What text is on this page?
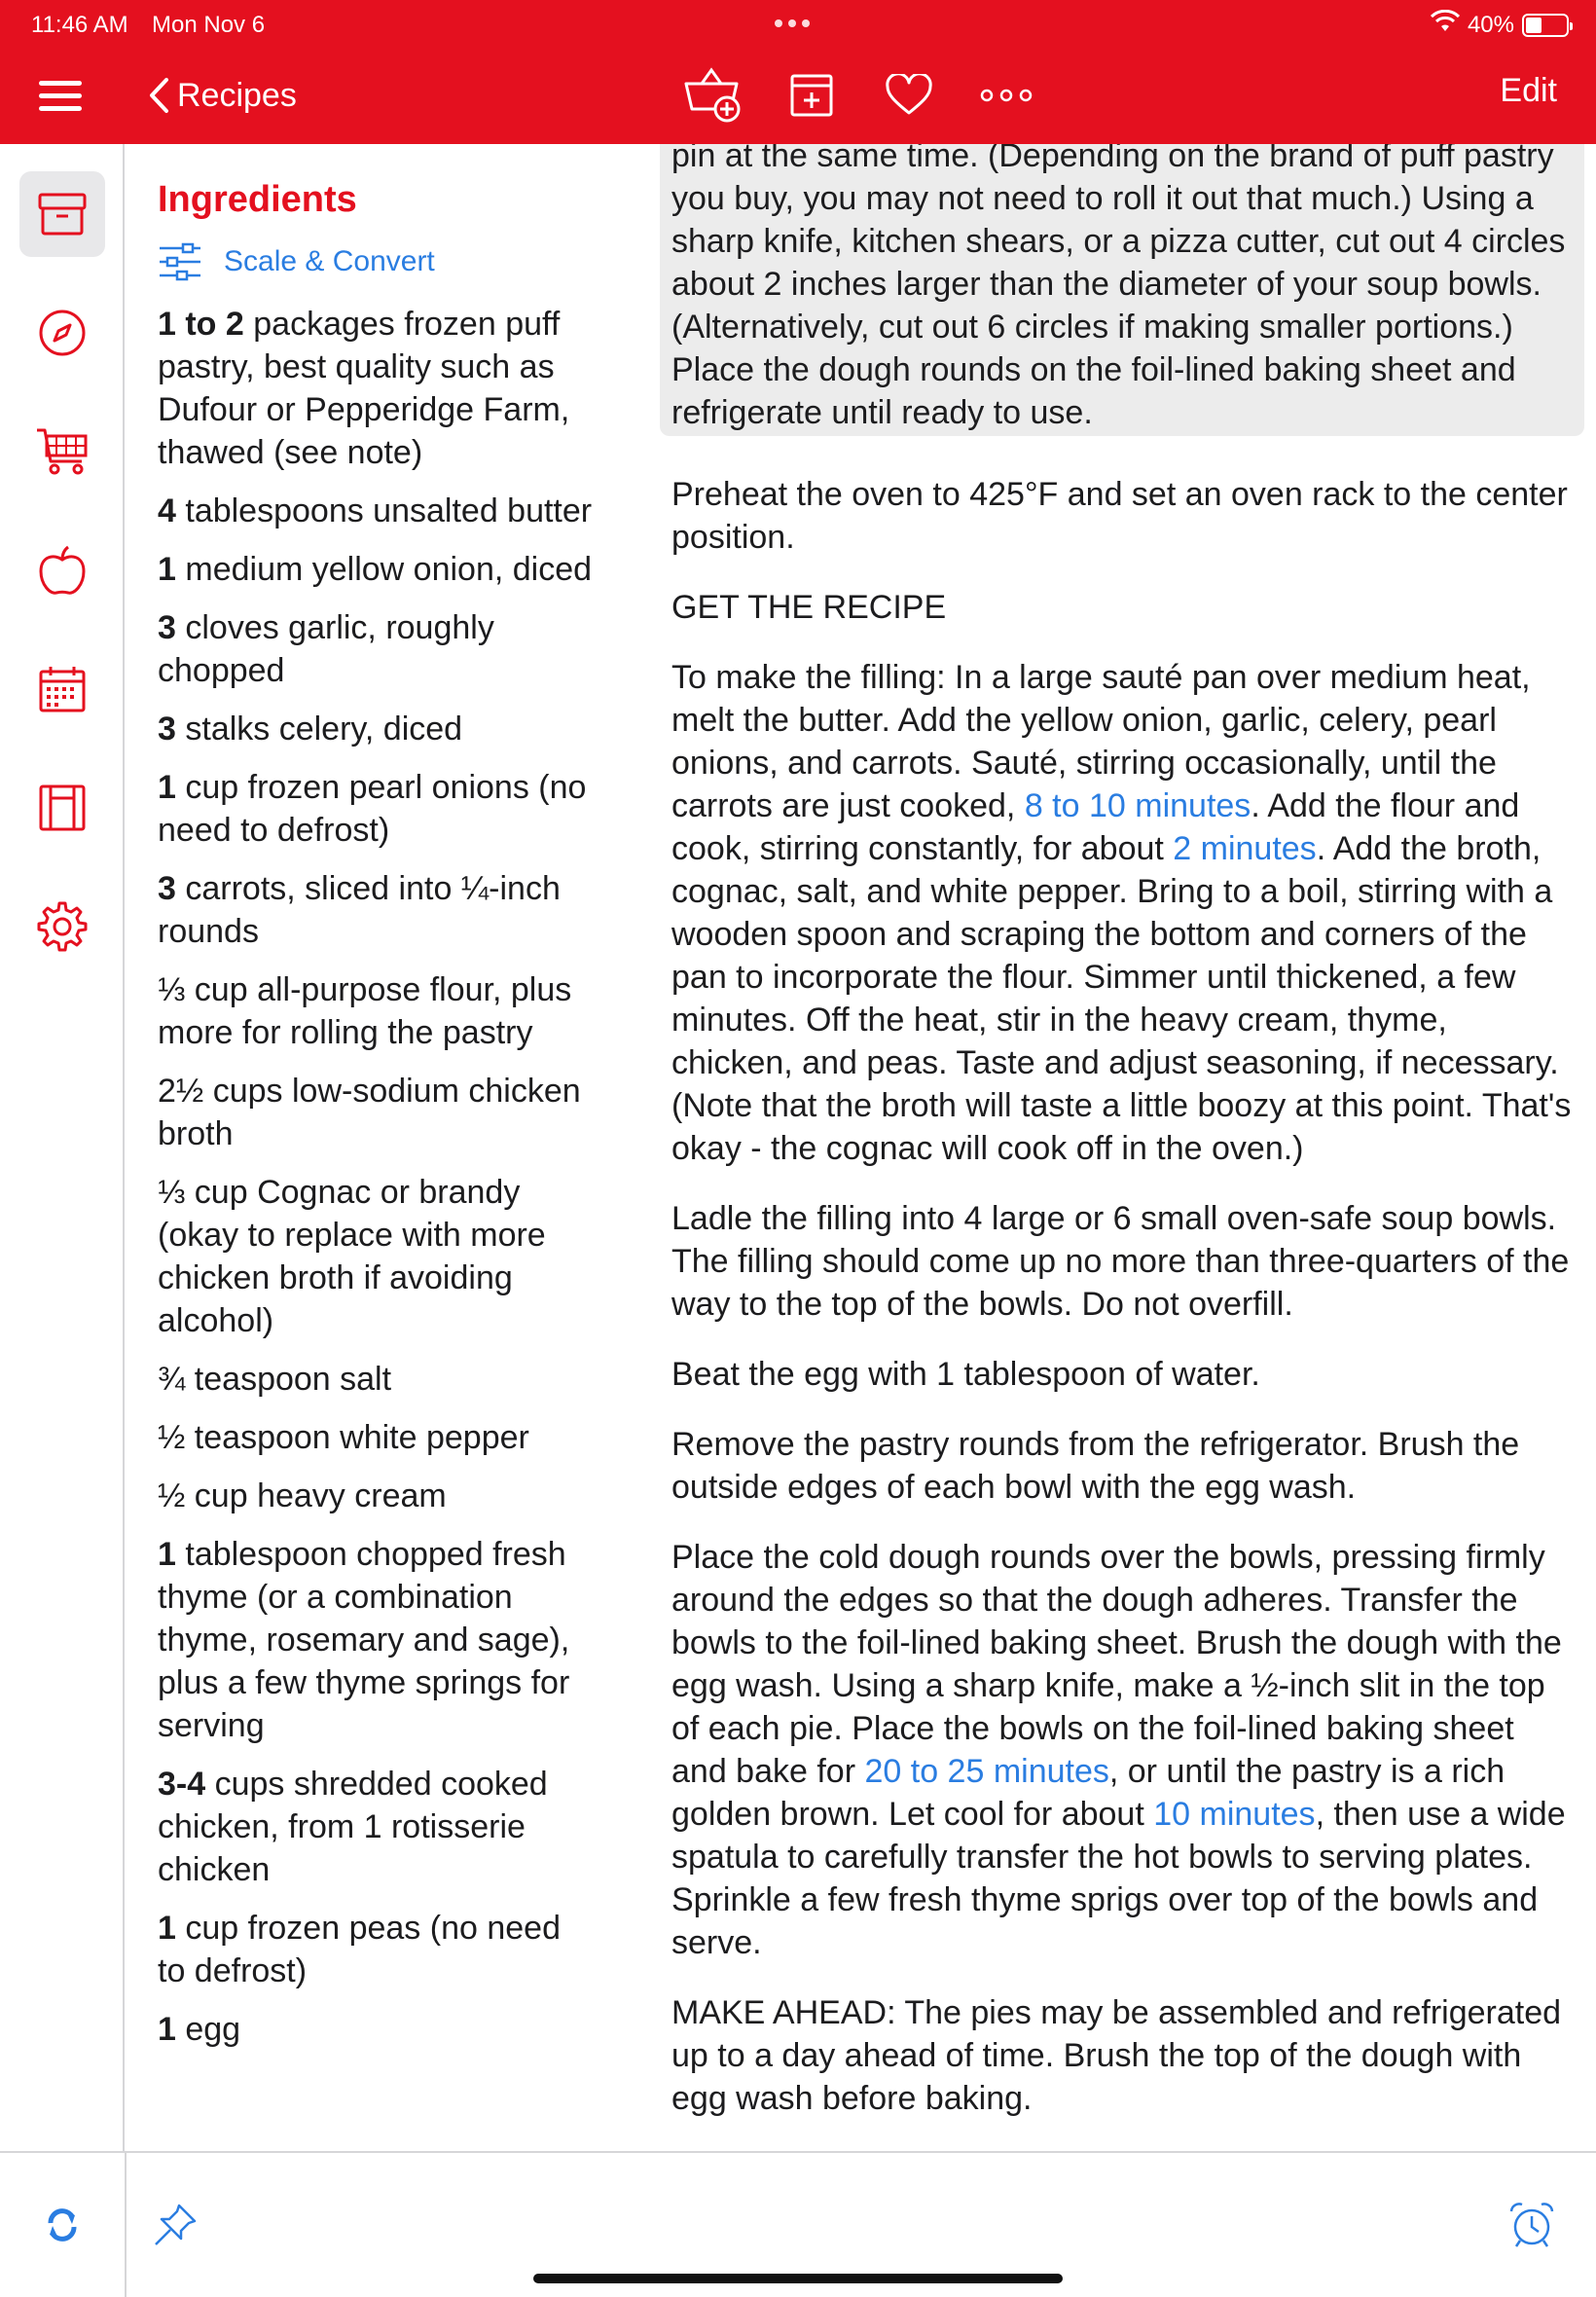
11:46 AM Mon Nov 6	40%
Recipes	Edit
Ingredients
Scale & Convert
1 to 2 packages frozen puff pastry, best quality such as Dufour or Pepperidge Farm, thawed (see note)
4 tablespoons unsalted butter
1 medium yellow onion, diced
3 cloves garlic, roughly chopped
3 stalks celery, diced
1 cup frozen pearl onions (no need to defrost)
3 carrots, sliced into ¼-inch rounds
⅓ cup all-purpose flour, plus more for rolling the pastry
2½ cups low-sodium chicken broth
⅓ cup Cognac or brandy (okay to replace with more chicken broth if avoiding alcohol)
¾ teaspoon salt
½ teaspoon white pepper
½ cup heavy cream
1 tablespoon chopped fresh thyme (or a combination thyme, rosemary and sage), plus a few thyme springs for serving
3-4 cups shredded cooked chicken, from 1 rotisserie chicken
1 cup frozen peas (no need to defrost)
1 egg

pin at the same time. (Depending on the brand of puff pastry you buy, you may not need to roll it out that much.) Using a sharp knife, kitchen shears, or a pizza cutter, cut out 4 circles about 2 inches larger than the diameter of your soup bowls. (Alternatively, cut out 6 circles if making smaller portions.) Place the dough rounds on the foil-lined baking sheet and refrigerate until ready to use.

Preheat the oven to 425°F and set an oven rack to the center position.

GET THE RECIPE

To make the filling: In a large sauté pan over medium heat, melt the butter. Add the yellow onion, garlic, celery, pearl onions, and carrots. Sauté, stirring occasionally, until the carrots are just cooked, 8 to 10 minutes. Add the flour and cook, stirring constantly, for about 2 minutes. Add the broth, cognac, salt, and white pepper. Bring to a boil, stirring with a wooden spoon and scraping the bottom and corners of the pan to incorporate the flour. Simmer until thickened, a few minutes. Off the heat, stir in the heavy cream, thyme, chicken, and peas. Taste and adjust seasoning, if necessary. (Note that the broth will taste a little boozy at this point. That's okay - the cognac will cook off in the oven.)

Ladle the filling into 4 large or 6 small oven-safe soup bowls. The filling should come up no more than three-quarters of the way to the top of the bowls. Do not overfill.

Beat the egg with 1 tablespoon of water.

Remove the pastry rounds from the refrigerator. Brush the outside edges of each bowl with the egg wash.

Place the cold dough rounds over the bowls, pressing firmly around the edges so that the dough adheres. Transfer the bowls to the foil-lined baking sheet. Brush the dough with the egg wash. Using a sharp knife, make a ½-inch slit in the top of each pie. Place the bowls on the foil-lined baking sheet and bake for 20 to 25 minutes, or until the pastry is a rich golden brown. Let cool for about 10 minutes, then use a wide spatula to carefully transfer the hot bowls to serving plates. Sprinkle a few fresh thyme sprigs over top of the bowls and serve.

MAKE AHEAD: The pies may be assembled and refrigerated up to a day ahead of time. Brush the top of the dough with egg wash before baking.
